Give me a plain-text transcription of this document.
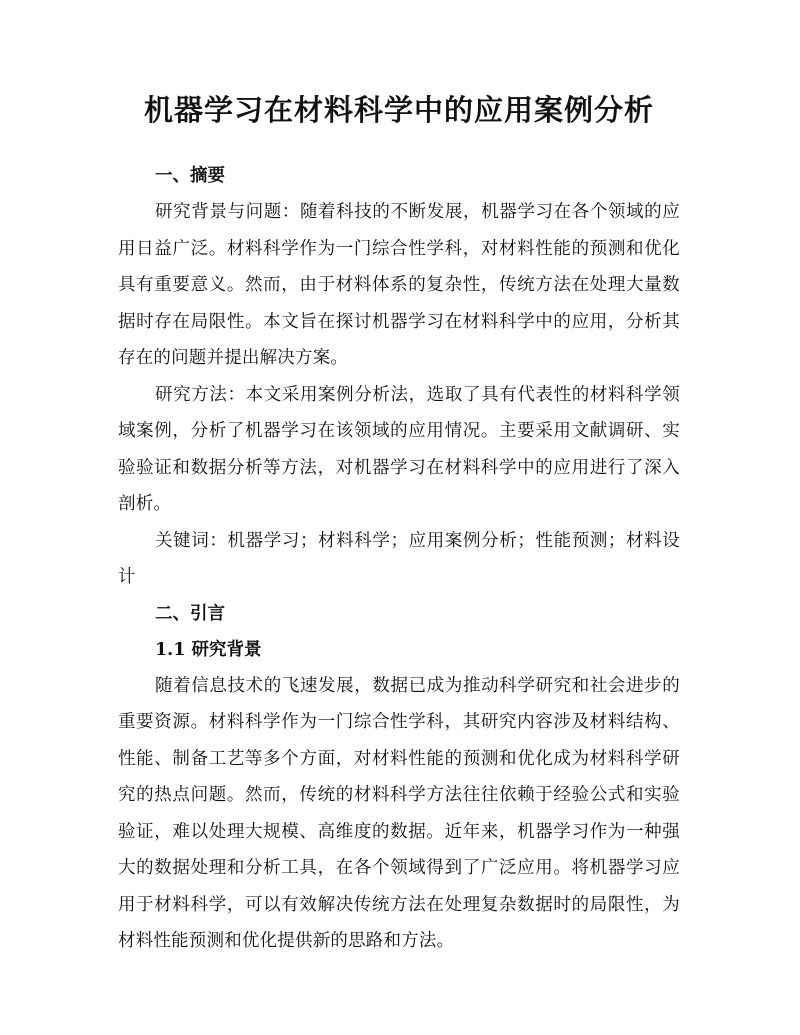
机器学习在材料科学中的应用案例分析
一、摘要

研究背景与问题：随着科技的不断发展，机器学习在各个领域的应用日益广泛。材料科学作为一门综合性学科，对材料性能的预测和优化具有重要意义。然而，由于材料体系的复杂性，传统方法在处理大量数据时存在局限性。本文旨在探讨机器学习在材料科学中的应用，分析其存在的问题并提出解决方案。

研究方法：本文采用案例分析法，选取了具有代表性的材料科学领域案例，分析了机器学习在该领域的应用情况。主要采用文献调研、实验验证和数据分析等方法，对机器学习在材料科学中的应用进行了深入剖析。

关键词：机器学习；材料科学；应用案例分析；性能预测；材料设计

二、引言
1.1 研究背景

随着信息技术的飞速发展，数据已成为推动科学研究和社会进步的重要资源。材料科学作为一门综合性学科，其研究内容涉及材料结构、性能、制备工艺等多个方面，对材料性能的预测和优化成为材料科学研究的热点问题。然而，传统的材料科学方法往往依赖于经验公式和实验验证，难以处理大规模、高维度的数据。近年来，机器学习作为一种强大的数据处理和分析工具，在各个领域得到了广泛应用。将机器学习应用于材料科学，可以有效解决传统方法在处理复杂数据时的局限性，为材料性能预测和优化提供新的思路和方法。
